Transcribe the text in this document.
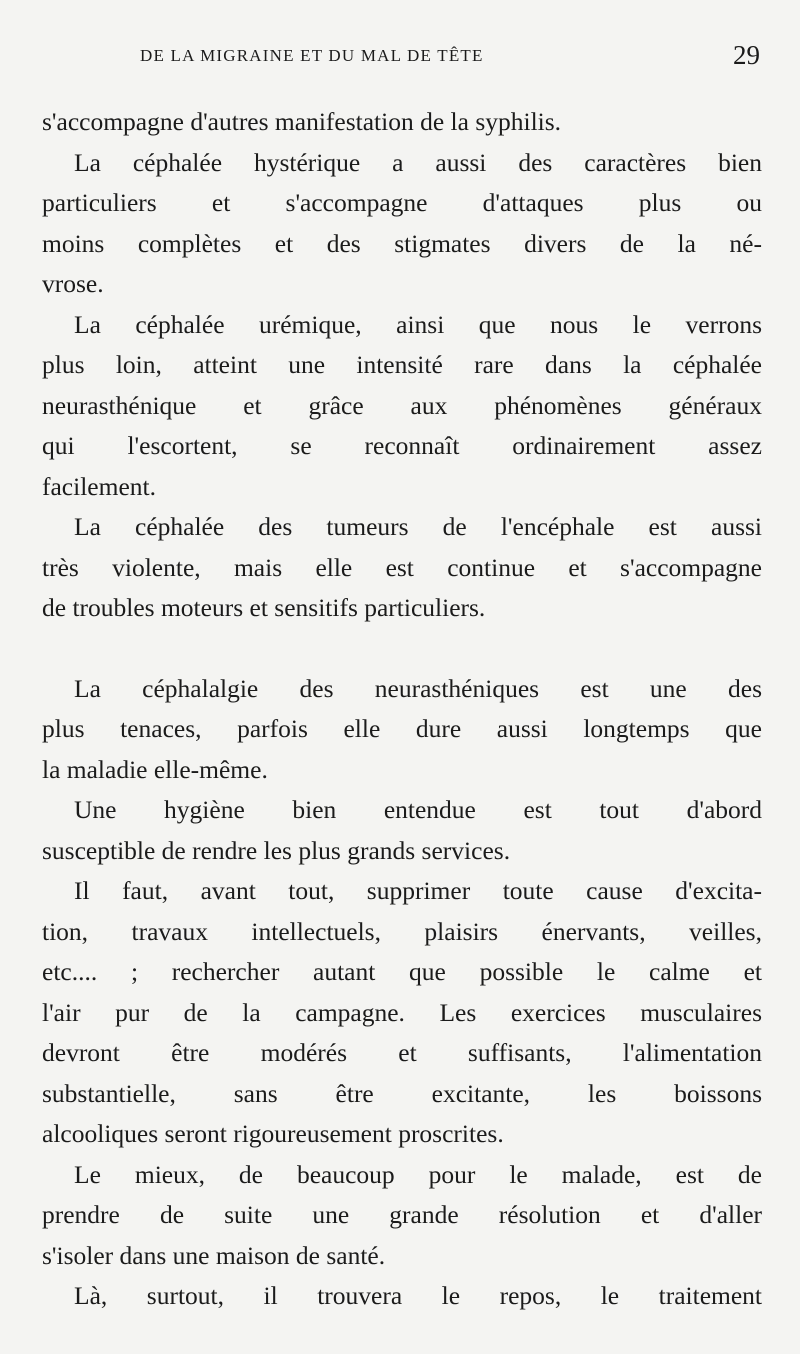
DE LA MIGRAINE ET DU MAL DE TÊTE	29
s'accompagne d'autres manifestation de la syphilis.
La céphalée hystérique a aussi des caractères bien
particuliers et s'accompagne d'attaques plus ou
moins complètes et des stigmates divers de la né-
vrose.
La céphalée urémique, ainsi que nous le verrons
plus loin, atteint une intensité rare dans la céphalée
neurasthénique et grâce aux phénomènes généraux
qui l'escortent, se reconnaît ordinairement assez
facilement.
La céphalée des tumeurs de l'encéphale est aussi
très violente, mais elle est continue et s'accompagne
de troubles moteurs et sensitifs particuliers.
La céphalalgie des neurasthéniques est une des
plus tenaces, parfois elle dure aussi longtemps que
la maladie elle-même.
Une hygiène bien entendue est tout d'abord
susceptible de rendre les plus grands services.
Il faut, avant tout, supprimer toute cause d'excita-
tion, travaux intellectuels, plaisirs énervants, veilles,
etc.... ; rechercher autant que possible le calme et
l'air pur de la campagne. Les exercices musculaires
devront être modérés et suffisants, l'alimentation
substantielle, sans être excitante, les boissons
alcooliques seront rigoureusement proscrites.
Le mieux, de beaucoup pour le malade, est de
prendre de suite une grande résolution et d'aller
s'isoler dans une maison de santé.
Là, surtout, il trouvera le repos, le traitement
